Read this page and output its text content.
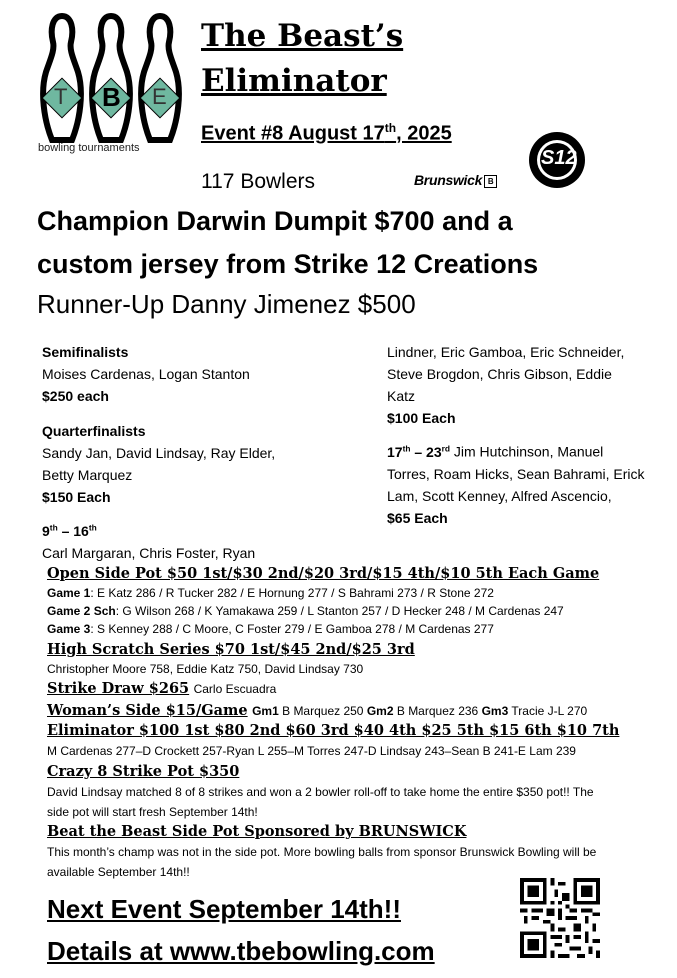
T B E
bowling tournaments
The Beast’s
Eliminator
Event #8 August 17th, 2025
117 Bowlers	Brunswick B
S12
Champion Darwin Dumpit $700 and a
custom jersey from Strike 12 Creations
Runner-Up Danny Jimenez $500
Semifinalists
Moises Cardenas, Logan Stanton
$250 each
Quarterfinalists
Sandy Jan, David Lindsay, Ray Elder,
Betty Marquez
$150 Each
9th – 16th
Carl Margaran, Chris Foster, Ryan
Lindner, Eric Gamboa, Eric Schneider,
Steve Brogdon, Chris Gibson, Eddie
Katz
$100 Each
17th – 23rd Jim Hutchinson, Manuel
Torres, Roam Hicks, Sean Bahrami, Erick
Lam, Scott Kenney, Alfred Ascencio,
$65 Each
Open Side Pot $50 1st/$30 2nd/$20 3rd/$15 4th/$10 5th Each Game
Game 1: E Katz 286 / R Tucker 282 / E Hornung 277 / S Bahrami 273 / R Stone 272
Game 2 Sch: G Wilson 268 / K Yamakawa 259 / L Stanton 257 / D Hecker 248 / M Cardenas 247
Game 3: S Kenney 288 / C Moore, C Foster 279 / E Gamboa 278 / M Cardenas 277
High Scratch Series $70 1st/$45 2nd/$25 3rd
Christopher Moore 758, Eddie Katz 750, David Lindsay 730
Strike Draw $265 Carlo Escuadra
Woman’s Side $15/Game Gm1 B Marquez 250 Gm2 B Marquez 236 Gm3 Tracie J-L 270
Eliminator $100 1st $80 2nd $60 3rd $40 4th $25 5th $15 6th $10 7th
M Cardenas 277–D Crockett 257-Ryan L 255–M Torres 247-D Lindsay 243–Sean B 241-E Lam 239
Crazy 8 Strike Pot $350
David Lindsay matched 8 of 8 strikes and won a 2 bowler roll-off to take home the entire $350 pot!! The
side pot will start fresh September 14th!
Beat the Beast Side Pot Sponsored by BRUNSWICK
This month’s champ was not in the side pot. More bowling balls from sponsor Brunswick Bowling will be
available September 14th!!
Next Event September 14th!!
Details at www.tbebowling.com
